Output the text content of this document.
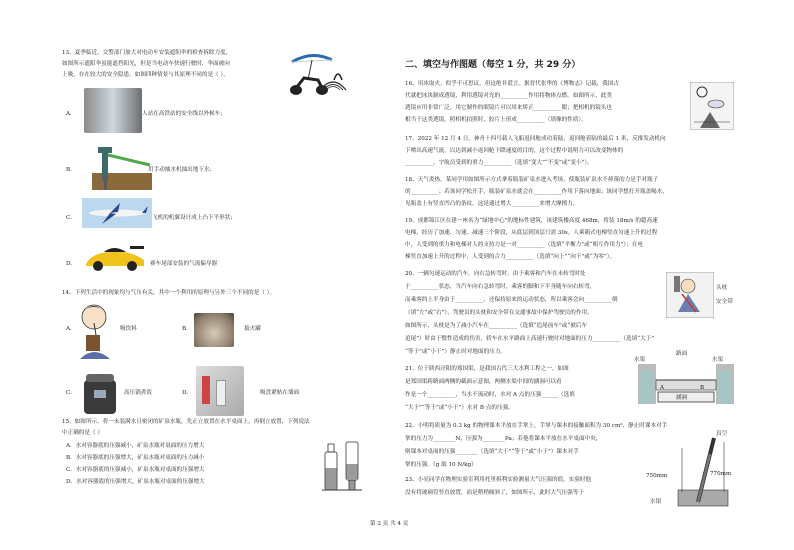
13、夏季临近，交警部门加大对电动车安装遮阳伞的检查拆除力度，
如图所示遮阳伞虽能遮挡阳光，但是当电动车快速行驶时，伞面被向
上吸，存在较大的安全隐患。如图四种情景与其原理不同的是（ ）。
A.	人站在高铁站的安全线以外候车；
B.	用手动抽水机抽出地下水；
C.	飞机的机翼设计成上凸下平形状；
D.	赛车尾部安装的气流偏导器
14、下列生活中的现象均与气压有关，其中一个利用的原理与另外三个不同的是（ ）。
A.	吸饮料	B.	拔火罐
C.	高压锅煮饭	D.	吸盘紧贴在墙面
15、如图所示，将一未装满水且密闭的矿泉水瓶，先正立放置在水平桌面上，再倒立放置，下列说法
中正确的是（ ）
A．水对容器底的压强减小，矿泉水瓶对桌面的压力增大
B．水对容器底的压强增大，矿泉水瓶对桌面的压力减小
C．水对容器底的压强减小，矿泉水瓶对桌面的压强增大
D．水对容器底的压强增大，矿泉水瓶对桌面的压强增大
二、填空与作图题（每空 1 分，共 29 分）
16、用冰取火，似乎不可思议，但这绝非谎言。据晋代张华的《博物志》记载，我国古
代就把冰块制成透镜，利用透镜对光的__________作用将物体点燃。如图所示，此类
透镜应用非常广泛，用它制作的眼镜片可以用来矫正__________眼；把相机的镜头也
相当于这类透镜，照相机拍照时，胶片上形成__________（填像的性质）。
17、2022 年 12 月 4 日，神舟十四号载人飞船返回舱成功着陆，返回舱着陆的最后 1 米，反推发动机向
下喷出高速气流，以达到减小返回舱下降速度的目的，这个过程中说明力可以改变物体的
__________，宇航员受到的重力__________（选填“变大”“不变”或“变小”）。
18、天气炎热，某同学用如图所示方式拿着瓶装矿泉水进入考场，使瓶装矿泉水不掉落的力是手对瓶子
的__________；若该同学松开手，瓶装矿泉水就会在__________作用下落向地面；该同学想打开瓶盖喝水，
见瓶盖上有竖直凹凸的条纹，这是通过增大__________来增大摩擦力。
19、成都锦江区在建一座名为“绿地中心”的地标性建筑，该建筑楼高度 468m，将装 18m/s 的超高速
电梯。经历了加速、匀速、减速三个阶段，从底层到顶层只需 30s。人乘箱式电梯竖直匀速上升的过程
中，人受到的重力和电梯对人的支持力是一对__________（选填“平衡力”或“相互作用力”）；在电
梯竖直加速上升的过程中，人受到的合力__________（选填“向上”“向下”或“为零”）。
20、一辆匀速运动的汽车，向右急转弯时，由于乘客和汽车在未转弯时处
于__________状态，当汽车向右急转弯时，乘客的脚和下半身随车向右转弯，
而乘客的上半身由于__________，还保持原来的运动状态，所以乘客会向__________倒
（填“左”或“右”），驾驶员的头枕和安全带在交通事故中保护驾驶员的作用。
如图所示，头枕是为了减小汽车在__________（选填“追尾前车”或“被后车
追尾”）时由于惯性造成的伤害，轿车在水平路面上高速行驶时对地面的压力__________（选填“大于”
“等于”或“小于”）静止时对地面的压力。
头枕
安全带
21、位于陕西泾阳的郑国渠，是我国古代三大水利工程之一。如图
是郑国渠跨路面两侧的截面示意图，两侧水渠中间的涵洞可以看
作是一个__________，当水不流动时，水对 A 点的压强______（选填
“大于”“等于”或“小于”）水对 B 点的压强。
路面
水渠	水渠
A	B
涵洞
22、小明将质量为 0.3 kg 的物理课本平放在手掌上，手掌与课本的接触面积为 30 cm²，静止时课本对手
掌的压力为________N，压强为________Pa；若他将课本平放在水平桌面中央，
则课本对桌面的压强________（选填“大于”“等于”或“小于”）课本对手
掌的压强。（g 取 10 N/kg）
23、小亮同学在物理实验室利用托里拆利实验测量大气压强的值，实验时他
没有将玻璃管竖直放置，而是稍稍倾斜了，如图所示，此时大气压强等于
真空
750mm	770mm
水银
第 2 页 共 4 页
